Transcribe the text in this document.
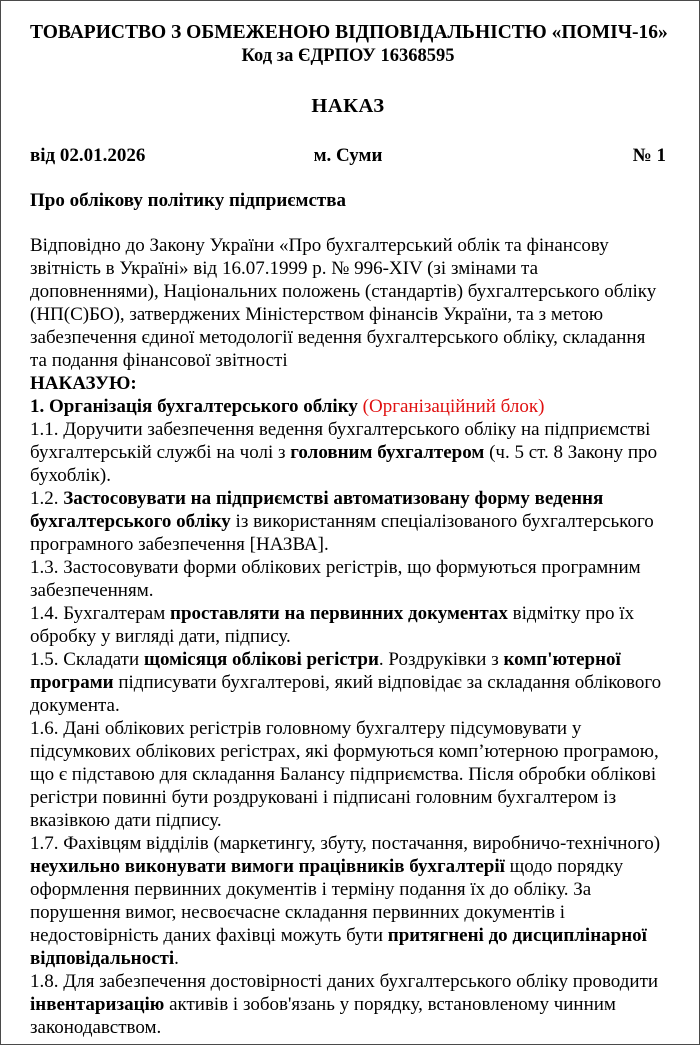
ТОВАРИСТВО З ОБМЕЖЕНОЮ ВІДПОВІДАЛЬНІСТЮ «ПОМІЧ-16»
Код за ЄДРПОУ 16368595
НАКАЗ
від 02.01.2026	м. Суми	№ 1
Про облікову політику підприємства

Відповідно до Закону України «Про бухгалтерський облік та фінансову звітність в Україні» від 16.07.1999 р. № 996-XIV (зі змінами та доповненнями), Національних положень (стандартів) бухгалтерського обліку (НП(С)БО), затверджених Міністерством фінансів України, та з метою забезпечення єдиної методології ведення бухгалтерського обліку, складання та подання фінансової звітності

НАКАЗУЮ:

1. Організація бухгалтерського обліку (Організаційний блок)

1.1. Доручити забезпечення ведення бухгалтерського обліку на підприємстві бухгалтерській службі на чолі з головним бухгалтером (ч. 5 ст. 8 Закону про бухоблік).

1.2. Застосовувати на підприємстві автоматизовану форму ведення бухгалтерського обліку із використанням спеціалізованого бухгалтерського програмного забезпечення [НАЗВА].

1.3. Застосовувати форми облікових регістрів, що формуються програмним забезпеченням.

1.4. Бухгалтерам проставляти на первинних документах відмітку про їх обробку у вигляді дати, підпису.

1.5. Складати щомісяця облікові регістри. Роздруківки з комп'ютерної програми підписувати бухгалтерові, який відповідає за складання облікового документа.

1.6. Дані облікових регістрів головному бухгалтеру підсумовувати у підсумкових облікових регістрах, які формуються комп’ютерною програмою, що є підставою для складання Балансу підприємства. Після обробки облікові регістри повинні бути роздруковані і підписані головним бухгалтером із вказівкою дати підпису.

1.7. Фахівцям відділів (маркетингу, збуту, постачання, виробничо-технічного) неухильно виконувати вимоги працівників бухгалтерії щодо порядку оформлення первинних документів і терміну подання їх до обліку. За порушення вимог, несвоєчасне складання первинних документів і недостовірність даних фахівці можуть бути притягнені до дисциплінарної відповідальності.

1.8. Для забезпечення достовірності даних бухгалтерського обліку проводити інвентаризацію активів і зобов'язань у порядку, встановленому чинним законодавством.
